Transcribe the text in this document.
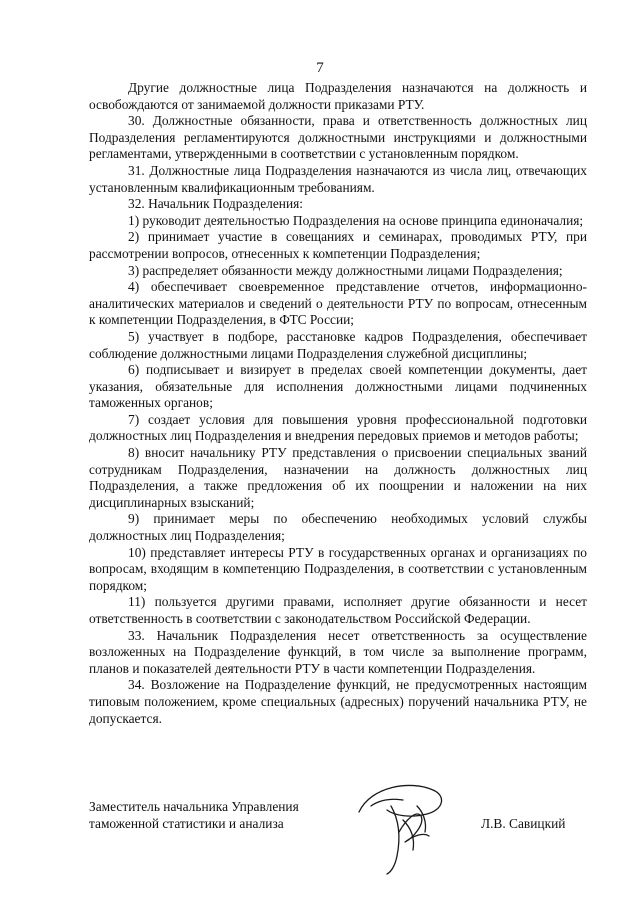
7

Другие должностные лица Подразделения назначаются на должность и освобождаются от занимаемой должности приказами РТУ.

30. Должностные обязанности, права и ответственность должностных лиц Подразделения регламентируются должностными инструкциями и должностными регламентами, утвержденными в соответствии с установленным порядком.

31. Должностные лица Подразделения назначаются из числа лиц, отвечающих установленным квалификационным требованиям.

32. Начальник Подразделения:

1) руководит деятельностью Подразделения на основе принципа единоначалия;

2) принимает участие в совещаниях и семинарах, проводимых РТУ, при рассмотрении вопросов, отнесенных к компетенции Подразделения;

3) распределяет обязанности между должностными лицами Подразделения;

4) обеспечивает своевременное представление отчетов, информационно-аналитических материалов и сведений о деятельности РТУ по вопросам, отнесенным к компетенции Подразделения, в ФТС России;

5) участвует в подборе, расстановке кадров Подразделения, обеспечивает соблюдение должностными лицами Подразделения служебной дисциплины;

6) подписывает и визирует в пределах своей компетенции документы, дает указания, обязательные для исполнения должностными лицами подчиненных таможенных органов;

7) создает условия для повышения уровня профессиональной подготовки должностных лиц Подразделения и внедрения передовых приемов и методов работы;

8) вносит начальнику РТУ представления о присвоении специальных званий сотрудникам Подразделения, назначении на должность должностных лиц Подразделения, а также предложения об их поощрении и наложении на них дисциплинарных взысканий;

9) принимает меры по обеспечению необходимых условий службы должностных лиц Подразделения;

10) представляет интересы РТУ в государственных органах и организациях по вопросам, входящим в компетенцию Подразделения, в соответствии с установленным порядком;

11) пользуется другими правами, исполняет другие обязанности и несет ответственность в соответствии с законодательством Российской Федерации.

33. Начальник Подразделения несет ответственность за осуществление возложенных на Подразделение функций, в том числе за выполнение программ, планов и показателей деятельности РТУ в части компетенции Подразделения.

34. Возложение на Подразделение функций, не предусмотренных настоящим типовым положением, кроме специальных (адресных) поручений начальника РТУ, не допускается.

Заместитель начальника Управления
таможенной статистики и анализа	Л.В. Савицкий
